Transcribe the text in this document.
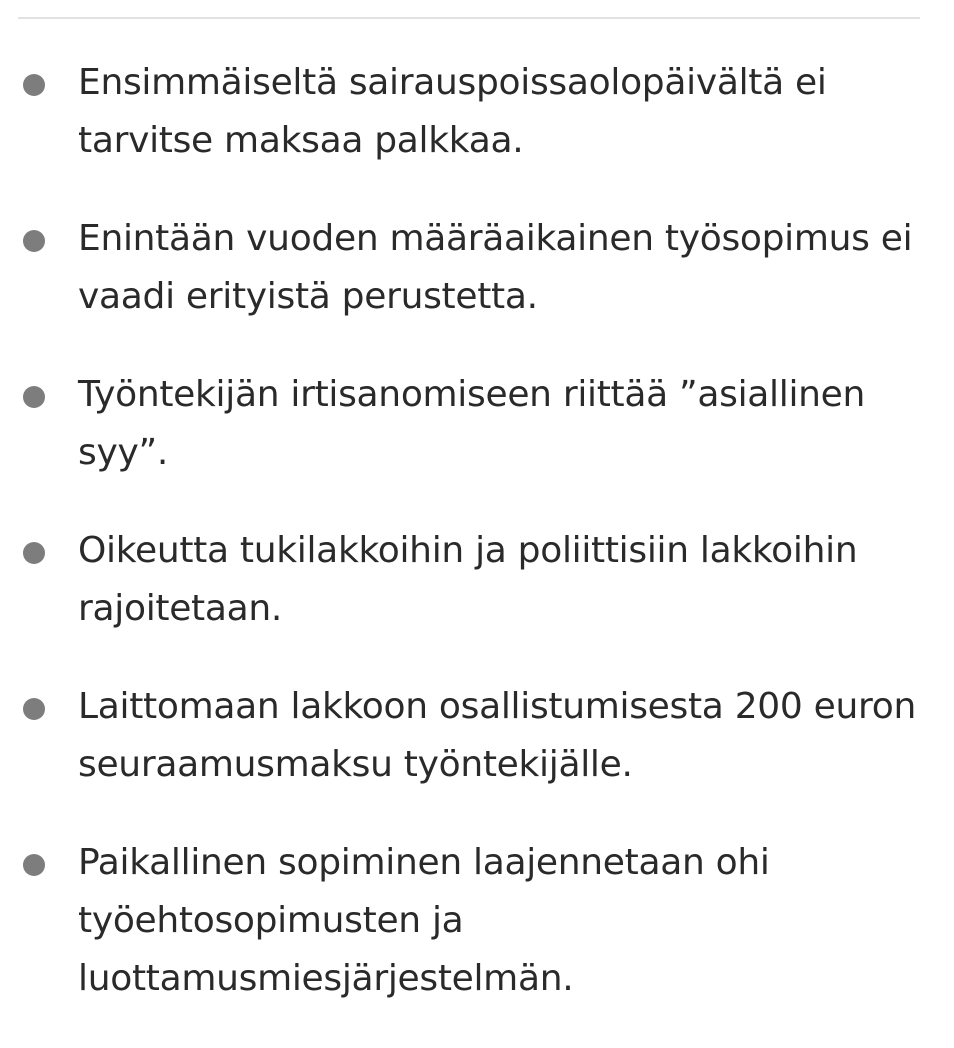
Ensimmäiseltä sairauspoissaolopäivältä ei tarvitse maksaa palkkaa.
Enintään vuoden määräaikainen työsopimus ei vaadi erityistä perustetta.
Työntekijän irtisanomiseen riittää ”asiallinen syy”.
Oikeutta tukilakkoihin ja poliittisiin lakkoihin rajoitetaan.
Laittomaan lakkoon osallistumisesta 200 euron seuraamusmaksu työntekijälle.
Paikallinen sopiminen laajennetaan ohi työehtosopimusten ja luottamusmiesjärjestelmän.
